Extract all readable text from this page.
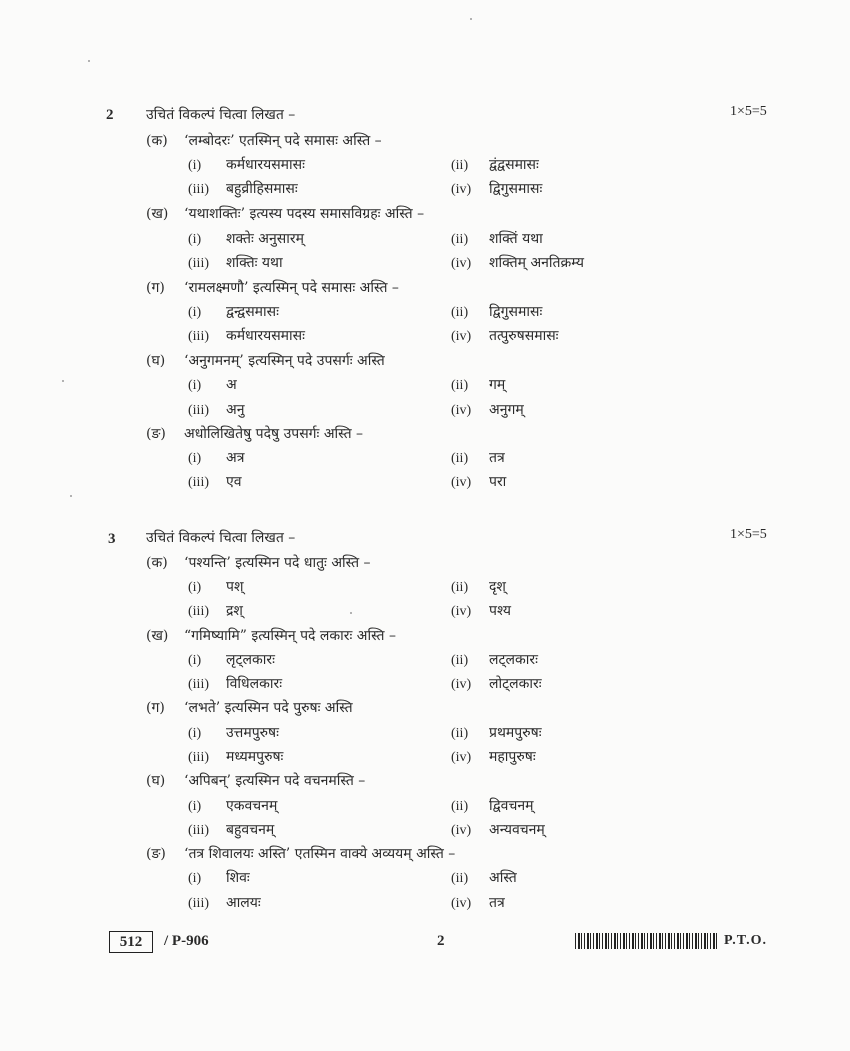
2 उचितं विकल्पं चित्वा लिखत –	1×5=5
(क) ‘लम्बोदरः’ एतस्मिन् पदे समासः अस्ति –
(i) कर्मधारयसमासः	(ii) द्वंद्वसमासः
(iii) बहुव्रीहिसमासः	(iv) द्विगुसमासः
(ख) ‘यथाशक्तिः’ इत्यस्य पदस्य समासविग्रहः अस्ति –
(i) शक्तेः अनुसारम्	(ii) शक्तिं यथा
(iii) शक्तिः यथा	(iv) शक्तिम् अनतिक्रम्य
(ग) ‘रामलक्ष्मणौ’ इत्यस्मिन् पदे समासः अस्ति –
(i) द्वन्द्वसमासः	(ii) द्विगुसमासः
(iii) कर्मधारयसमासः	(iv) तत्पुरुषसमासः
(घ) ‘अनुगमनम्’ इत्यस्मिन् पदे उपसर्गः अस्ति
(i) अ	(ii) गम्
(iii) अनु	(iv) अनुगम्
(ङ) अधोलिखितेषु पदेषु उपसर्गः अस्ति –
(i) अत्र	(ii) तत्र
(iii) एव	(iv) परा
3 उचितं विकल्पं चित्वा लिखत –	1×5=5
(क) ‘पश्यन्ति’ इत्यस्मिन पदे धातुः अस्ति –
(i) पश्	(ii) दृश्
(iii) द्रश्	(iv) पश्य
(ख) “गमिष्यामि” इत्यस्मिन् पदे लकारः अस्ति –
(i) लृट्लकारः	(ii) लट्लकारः
(iii) विधिलकारः	(iv) लोट्लकारः
(ग) ‘लभते’ इत्यस्मिन पदे पुरुषः अस्ति
(i) उत्तमपुरुषः	(ii) प्रथमपुरुषः
(iii) मध्यमपुरुषः	(iv) महापुरुषः
(घ) ‘अपिबन्’ इत्यस्मिन पदे वचनमस्ति –
(i) एकवचनम्	(ii) द्विवचनम्
(iii) बहुवचनम्	(iv) अन्यवचनम्
(ङ) ‘तत्र शिवालयः अस्ति’ एतस्मिन वाक्ये अव्ययम् अस्ति –
(i) शिवः	(ii) अस्ति
(iii) आलयः	(iv) तत्र
512	/ P-906	2	P.T.O.
